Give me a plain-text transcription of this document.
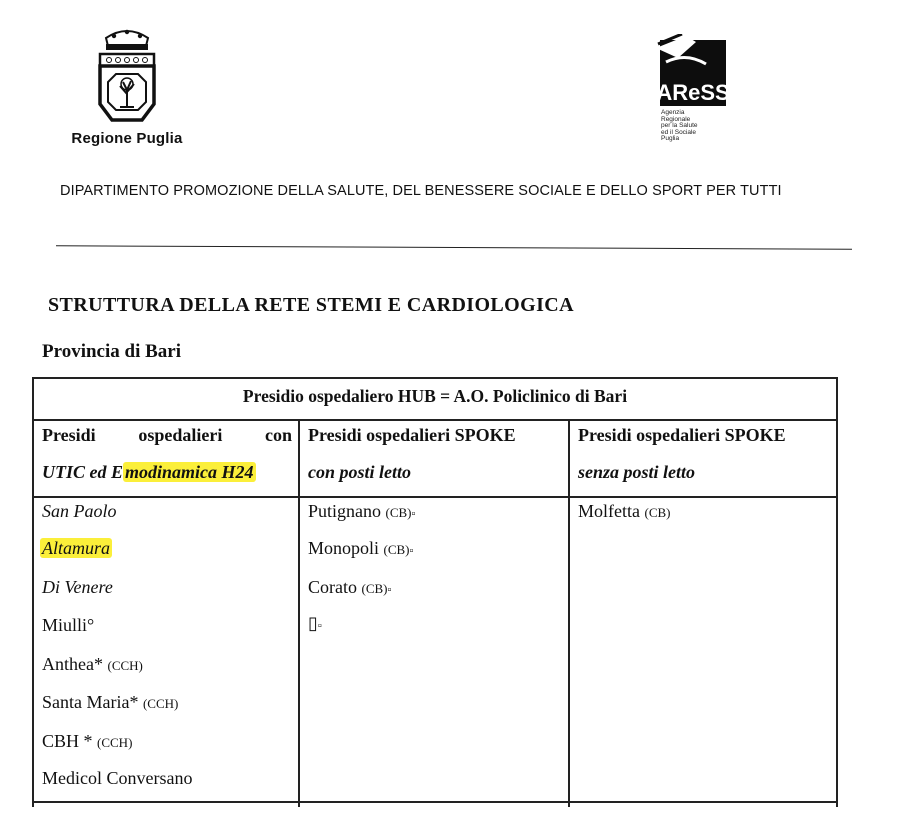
Regione Puglia
AReSS
Agenzia
Regionale
per la Salute
ed il Sociale
Puglia
DIPARTIMENTO PROMOZIONE DELLA SALUTE, DEL BENESSERE SOCIALE E DELLO SPORT PER TUTTI
STRUTTURA DELLA RETE STEMI E CARDIOLOGICA
Provincia di Bari
Presidio ospedaliero HUB = A.O. Policlinico di Bari
Presidi ospedalieri con
UTIC ed E modinamica H24
Presidi ospedalieri SPOKE
con posti letto
Presidi ospedalieri SPOKE
senza posti letto
San Paolo
Altamura
Di Venere
Miulli°
Anthea* (CCH)
Santa Maria* (CCH)
CBH * (CCH)
Medicol Conversano
Putignano (CB)▫
Monopoli (CB)▫
Corato (CB)▫
▯▫
Molfetta (CB)
